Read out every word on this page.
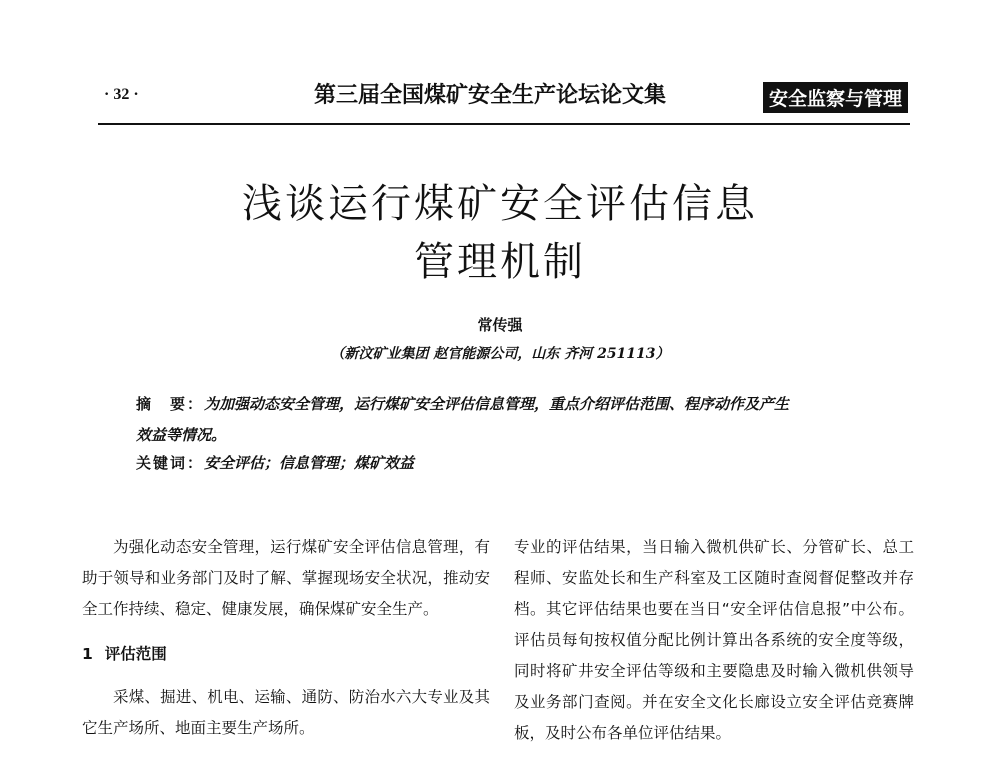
· 32 ·	第三届全国煤矿安全生产论坛论文集	安全监察与管理
浅谈运行煤矿安全评估信息
管理机制
常传强
（新汶矿业集团 赵官能源公司，山东 齐河 251113）
摘　要：为加强动态安全管理，运行煤矿安全评估信息管理，重点介绍评估范围、程序动作及产生
效益等情况。
关键词：安全评估；信息管理；煤矿效益

为强化动态安全管理，运行煤矿安全评估信息管理，有助于领导和业务部门及时了解、掌握现场安全状况，推动安全工作持续、稳定、健康发展，确保煤矿安全生产。

1 评估范围

采煤、掘进、机电、运输、通防、防治水六大专业及其它生产场所、地面主要生产场所。

专业的评估结果，当日输入微机供矿长、分管矿长、总工程师、安监处长和生产科室及工区随时查阅督促整改并存档。其它评估结果也要在当日“安全评估信息报”中公布。评估员每旬按权值分配比例计算出各系统的安全度等级，同时将矿井安全评估等级和主要隐患及时输入微机供领导及业务部门查阅。并在安全文化长廊设立安全评估竞赛牌板，及时公布各单位评估结果。
